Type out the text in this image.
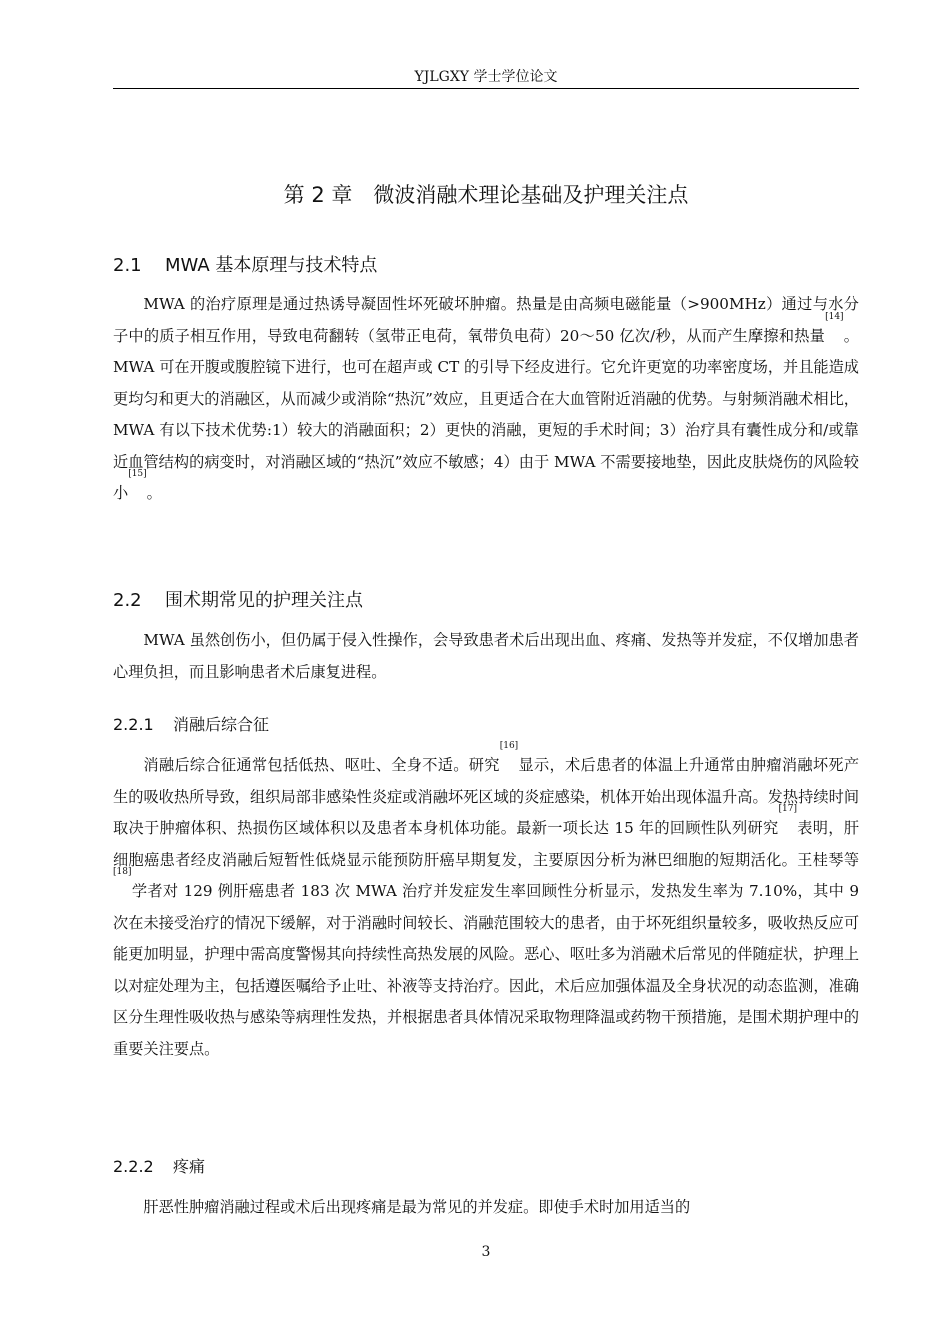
YJLGXY 学士学位论文
第 2 章　微波消融术理论基础及护理关注点
2.1 MWA 基本原理与技术特点

MWA 的治疗原理是通过热诱导凝固性坏死破坏肿瘤。热量是由高频电磁能量（>900MHz）通过与水分子中的质子相互作用，导致电荷翻转（氢带正电荷，氧带负电荷）20～50 亿次/秒，从而产生摩擦和热量[14]。MWA 可在开腹或腹腔镜下进行，也可在超声或 CT 的引导下经皮进行。它允许更宽的功率密度场，并且能造成更均匀和更大的消融区，从而减少或消除“热沉”效应，且更适合在大血管附近消融的优势。与射频消融术相比，MWA 有以下技术优势:1）较大的消融面积；2）更快的消融，更短的手术时间；3）治疗具有囊性成分和/或靠近血管结构的病变时，对消融区域的“热沉”效应不敏感；4）由于 MWA 不需要接地垫，因此皮肤烧伤的风险较小[15]。

2.2 围术期常见的护理关注点

MWA 虽然创伤小，但仍属于侵入性操作，会导致患者术后出现出血、疼痛、发热等并发症，不仅增加患者心理负担，而且影响患者术后康复进程。

2.2.1 消融后综合征

消融后综合征通常包括低热、呕吐、全身不适。研究[16]显示，术后患者的体温上升通常由肿瘤消融坏死产生的吸收热所导致，组织局部非感染性炎症或消融坏死区域的炎症感染，机体开始出现体温升高。发热持续时间取决于肿瘤体积、热损伤区域体积以及患者本身机体功能。最新一项长达 15 年的回顾性队列研究[17]表明，肝细胞癌患者经皮消融后短暂性低烧显示能预防肝癌早期复发，主要原因分析为淋巴细胞的短期活化。王桂琴等[18]学者对 129 例肝癌患者 183 次 MWA 治疗并发症发生率回顾性分析显示，发热发生率为 7.10%，其中 9 次在未接受治疗的情况下缓解，对于消融时间较长、消融范围较大的患者，由于坏死组织量较多，吸收热反应可能更加明显，护理中需高度警惕其向持续性高热发展的风险。恶心、呕吐多为消融术后常见的伴随症状，护理上以对症处理为主，包括遵医嘱给予止吐、补液等支持治疗。因此，术后应加强体温及全身状况的动态监测，准确区分生理性吸收热与感染等病理性发热，并根据患者具体情况采取物理降温或药物干预措施，是围术期护理中的重要关注要点。

2.2.2 疼痛

肝恶性肿瘤消融过程或术后出现疼痛是最为常见的并发症。即使手术时加用适当的

3
